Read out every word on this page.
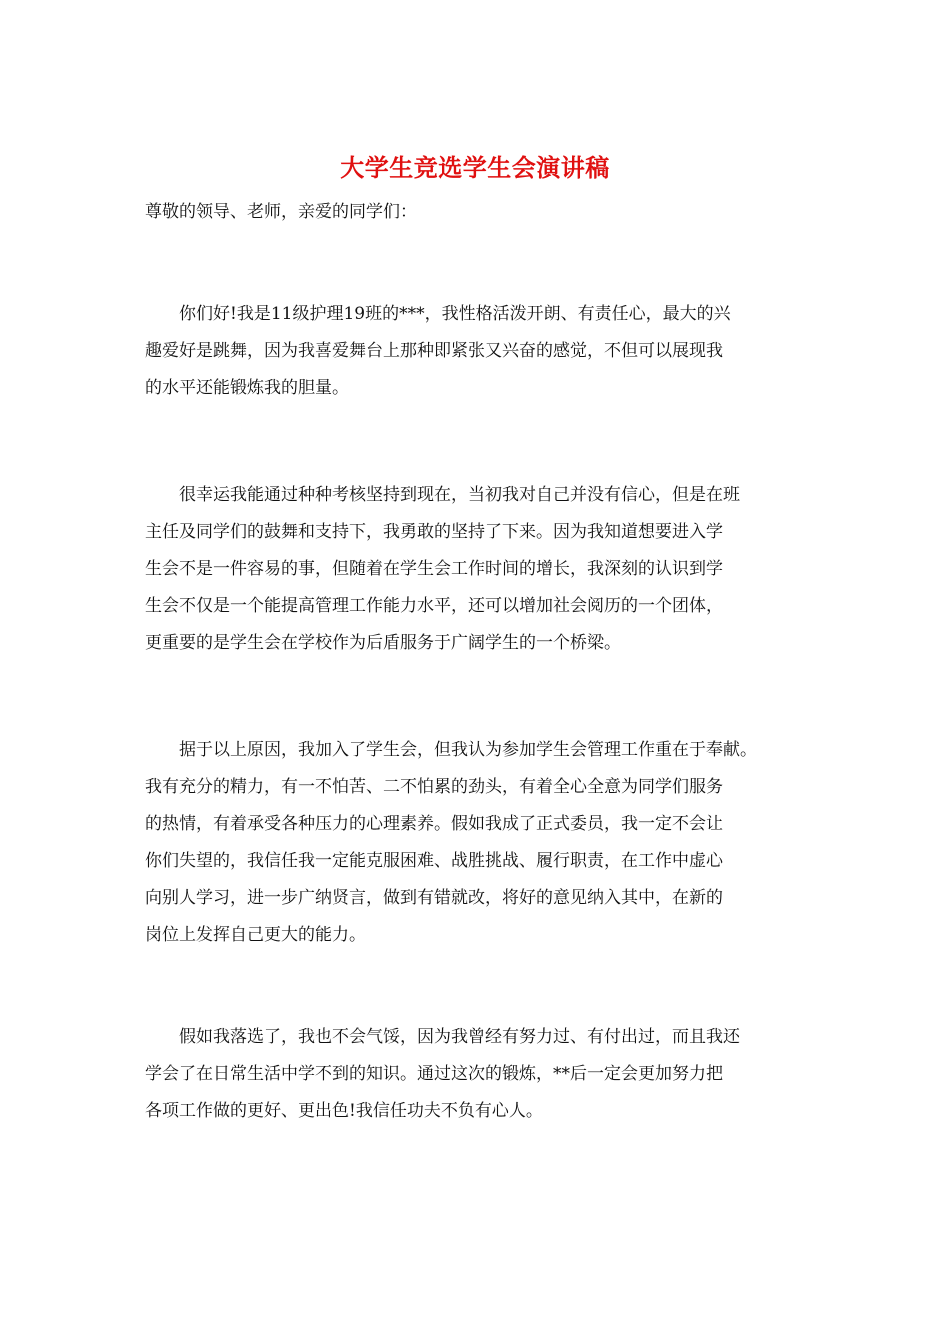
大学生竞选学生会演讲稿

尊敬的领导、老师，亲爱的同学们：

你们好!我是11级护理19班的***，我性格活泼开朗、有责任心，最大的兴
趣爱好是跳舞，因为我喜爱舞台上那种即紧张又兴奋的感觉，不但可以展现我
的水平还能锻炼我的胆量。
很幸运我能通过种种考核坚持到现在，当初我对自己并没有信心，但是在班
主任及同学们的鼓舞和支持下，我勇敢的坚持了下来。因为我知道想要进入学
生会不是一件容易的事，但随着在学生会工作时间的增长，我深刻的认识到学
生会不仅是一个能提高管理工作能力水平，还可以增加社会阅历的一个团体，
更重要的是学生会在学校作为后盾服务于广阔学生的一个桥梁。
据于以上原因，我加入了学生会，但我认为参加学生会管理工作重在于奉献。
我有充分的精力，有一不怕苦、二不怕累的劲头，有着全心全意为同学们服务
的热情，有着承受各种压力的心理素养。假如我成了正式委员，我一定不会让
你们失望的，我信任我一定能克服困难、战胜挑战、履行职责，在工作中虚心
向别人学习，进一步广纳贤言，做到有错就改，将好的意见纳入其中，在新的
岗位上发挥自己更大的能力。
假如我落选了，我也不会气馁，因为我曾经有努力过、有付出过，而且我还
学会了在日常生活中学不到的知识。通过这次的锻炼，**后一定会更加努力把
各项工作做的更好、更出色!我信任功夫不负有心人。
